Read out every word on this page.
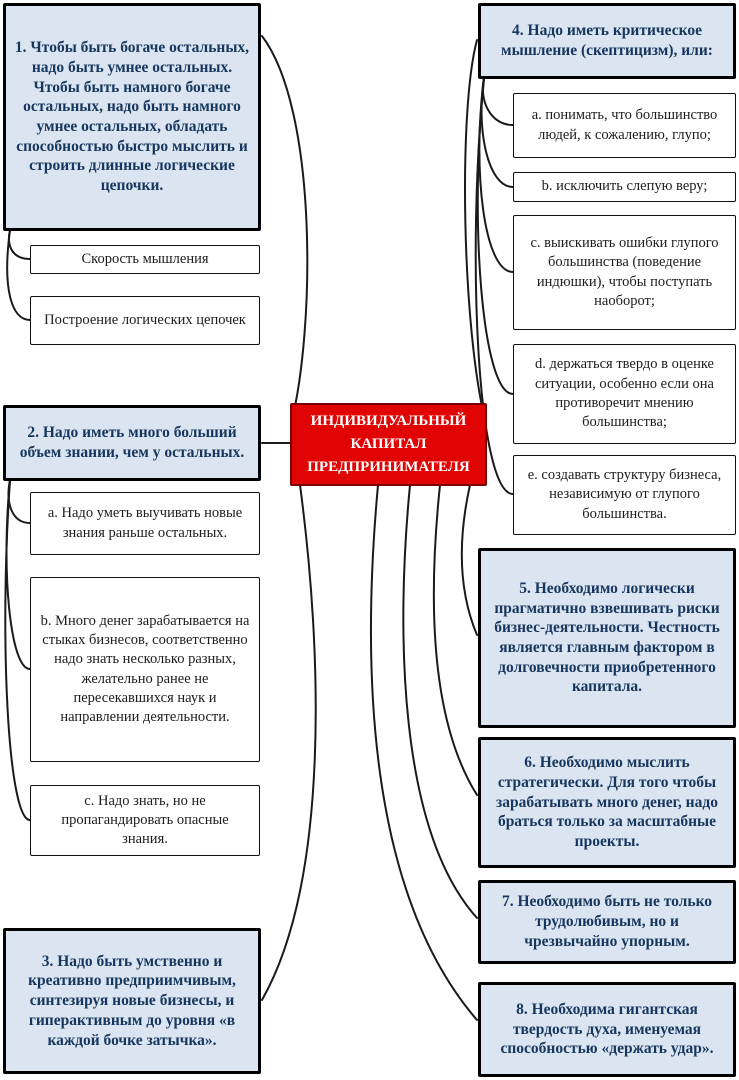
1. Чтобы быть богаче остальных, надо быть умнее остальных. Чтобы быть намного богаче остальных, надо быть намного умнее остальных, обладать способностью быстро мыслить и строить длинные логические цепочки.
Скорость мышления
Построение логических цепочек
2. Надо иметь много больший объем знании, чем у остальных.
a. Надо уметь выучивать новые знания раньше остальных.
b. Много денег зарабатывается на стыках бизнесов, соответственно надо знать несколько разных, желательно ранее не пересекавшихся наук и направлении деятельности.
c. Надо знать, но не пропагандировать опасные знания.
3. Надо быть умственно и креативно предприимчивым, синтезируя новые бизнесы, и гиперактивным до уровня «в каждой бочке затычка».
ИНДИВИДУАЛЬНЫЙ КАПИТАЛ ПРЕДПРИНИМАТЕЛЯ
4. Надо иметь критическое мышление (скептицизм), или:
a. понимать, что большинство людей, к сожалению, глупо;
b. исключить слепую веру;
c. выискивать ошибки глупого большинства (поведение индюшки), чтобы поступать наоборот;
d. держаться твердо в оценке ситуации, особенно если она противоречит мнению большинства;
e. создавать структуру бизнеса, независимую от глупого большинства.
5. Необходимо логически прагматично взвешивать риски бизнес-деятельности. Честность является главным фактором в долговечности приобретенного капитала.
6. Необходимо мыслить стратегически. Для того чтобы зарабатывать много денег, надо браться только за масштабные проекты.
7. Необходимо быть не только трудолюбивым, но и чрезвычайно упорным.
8. Необходима гигантская твердость духа, именуемая способностью «держать удар».
